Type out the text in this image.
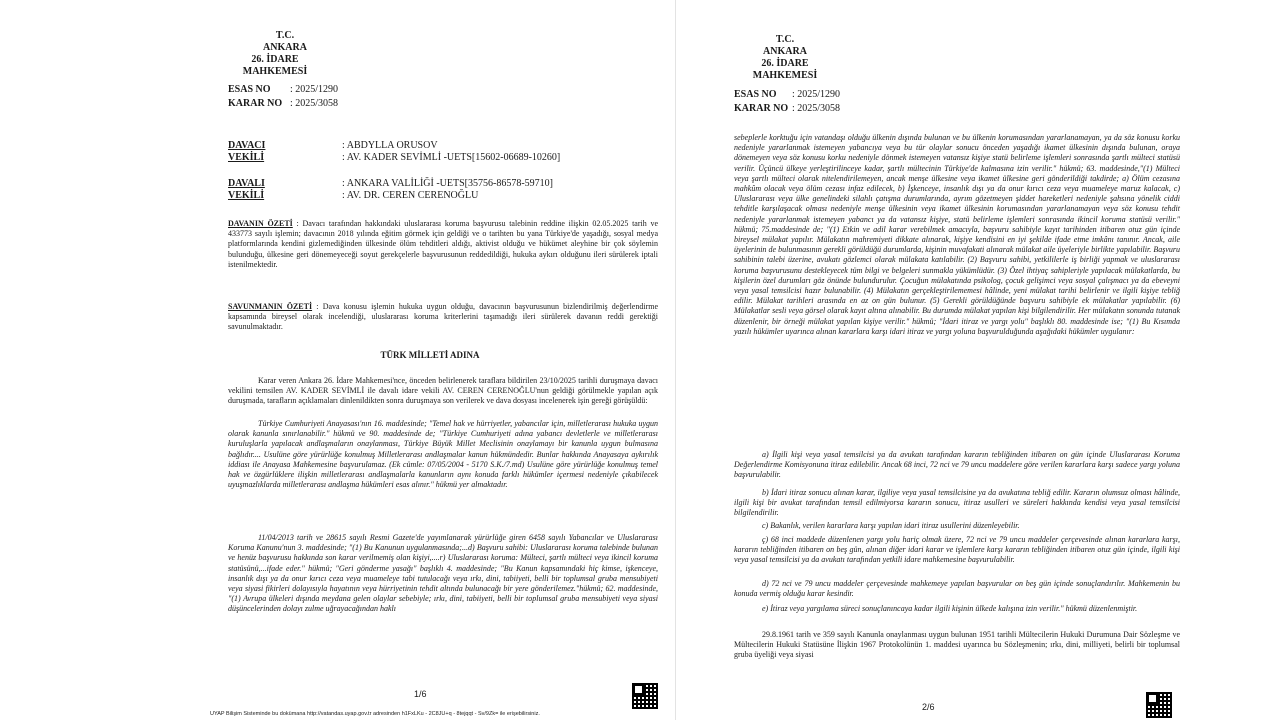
T.C.
ANKARA
26. İDARE MAHKEMESİ
ESAS NO : 2025/1290
KARAR NO : 2025/3058
DAVACI	: ABDYLLA ORUSOV
VEKİLİ	: AV. KADER SEVİMLİ -UETS[15602-06689-10260]
DAVALI	: ANKARA VALİLİĞİ -UETS[35756-86578-59710]
VEKİLİ	: AV. DR. CEREN CERENOĞLU
DAVANIN ÖZETİ : Davacı tarafından hakkındaki uluslararası koruma başvurusu talebinin reddine ilişkin 02.05.2025 tarih ve 433773 sayılı işlemin; davacının 2018 yılında eğitim görmek için geldiği ve o tarihten bu yana Türkiye'de yaşadığı, sosyal medya platformlarında kendini gizlemediğinden ülkesinde ölüm tehditleri aldığı, aktivist olduğu ve hükümet aleyhine bir çok söylemin bulunduğu, ülkesine geri dönemeyeceği soyut gerekçelerle başvurusunun reddedildiği, hukuka aykırı olduğunu ileri sürülerek iptali istenilmektedir.
SAVUNMANIN ÖZETİ : Dava konusu işlemin hukuka uygun olduğu, davacının başvurusunun bizlendirilmiş değerlendirme kapsamında bireysel olarak incelendiği, uluslararası koruma kriterlerini taşımadığı ileri sürülerek davanın reddi gerektiği savunulmaktadır.
TÜRK MİLLETİ ADINA
Karar veren Ankara 26. İdare Mahkemesi'nce, önceden belirlenerek taraflara bildirilen 23/10/2025 tarihli duruşmaya davacı vekilini temsilen AV. KADER SEVİMLİ ile davalı idare vekili AV. CEREN CERENOĞLU'nun geldiği görülmekle yapılan açık duruşmada, tarafların açıklamaları dinlenildikten sonra duruşmaya son verilerek ve dava dosyası incelenerek işin gereği görüşüldü:
Türkiye Cumhuriyeti Anayasası'nın 16. maddesinde; "Temel hak ve hürriyetler, yabancılar için, milletlerarası hukuka uygun olarak kanunla sınırlanabilir." hükmü ve 90. maddesinde de; "Türkiye Cumhuriyeti adına yabancı devletlerle ve milletlerarası kuruluşlarla yapılacak andlaşmaların onaylanması, Türkiye Büyük Millet Meclisinin onaylamayı bir kanunla uygun bulmasına bağlıdır.... Usulüne göre yürürlüğe konulmuş Milletlerarası andlaşmalar kanun hükmündedir. Bunlar hakkında Anayasaya aykırılık iddiası ile Anayasa Mahkemesine başvurulamaz. (Ek cümle: 07/05/2004 - 5170 S.K./7.md) Usulüne göre yürürlüğe konulmuş temel hak ve özgürlüklere ilişkin milletlerarası andlaşmalarla kanunların aynı konuda farklı hükümler içermesi nedeniyle çıkabilecek uyuşmazlıklarda milletlerarası andlaşma hükümleri esas alınır." hükmü yer almaktadır.
11/04/2013 tarih ve 28615 sayılı Resmi Gazete'de yayımlanarak yürürlüğe giren 6458 sayılı Yabancılar ve Uluslararası Koruma Kanunu'nun 3. maddesinde; "(1) Bu Kanunun uygulanmasında;...d) Başvuru sahibi: Uluslararası koruma talebinde bulunan ve henüz başvurusu hakkında son karar verilmemiş olan kişiyi,....r) Uluslararası koruma: Mülteci, şartlı mülteci veya ikincil koruma statüsünü,...ifade eder." hükmü; "Geri gönderme yasağı" başlıklı 4. maddesinde; "Bu Kanun kapsamındaki hiç kimse, işkenceye, insanlık dışı ya da onur kırıcı ceza veya muameleye tabi tutulacağı veya ırkı, dini, tabiiyeti, belli bir toplumsal gruba mensubiyeti veya siyasi fikirleri dolayısıyla hayatının veya hürriyetinin tehdit altında bulunacağı bir yere gönderilemez."hükmü; 62. maddesinde, "(1) Avrupa ülkeleri dışında meydana gelen olaylar sebebiyle; ırkı, dini, tabiiyeti, belli bir toplumsal gruba mensubiyeti veya siyasi düşüncelerinden dolayı zulme uğrayacağından haklı
1/6
UYAP Bilişim Sisteminde bu dokümana http://vatandas.uyap.gov.tr adresinden h1FxLKu - 2C8JU+q - 8tejqqt - Sv/9Zk= ile erişebilirsiniz.
T.C.
ANKARA
26. İDARE MAHKEMESİ
ESAS NO : 2025/1290
KARAR NO : 2025/3058
sebeplerle korktuğu için vatandaşı olduğu ülkenin dışında bulunan ve bu ülkenin korumasından yararlanamayan, ya da söz konusu korku nedeniyle yararlanmak istemeyen yabancıya veya bu tür olaylar sonucu önceden yaşadığı ikamet ülkesinin dışında bulunan, oraya dönemeyen veya söz konusu korku nedeniyle dönmek istemeyen vatansız kişiye statü belirleme işlemleri sonrasında şartlı mülteci statüsü verilir. Üçüncü ülkeye yerleştirilinceye kadar, şartlı mültecinin Türkiye'de kalmasına izin verilir." hükmü; 63. maddesinde,"(1) Mülteci veya şartlı mülteci olarak nitelendirilemeyen, ancak menşe ülkesine veya ikamet ülkesine geri gönderildiği takdirde; a) Ölüm cezasına mahkûm olacak veya ölüm cezası infaz edilecek, b) İşkenceye, insanlık dışı ya da onur kırıcı ceza veya muameleye maruz kalacak, c) Uluslararası veya ülke genelindeki silahlı çatışma durumlarında, ayrım gözetmeyen şiddet hareketleri nedeniyle şahsına yönelik ciddi tehditle karşılaşacak olması nedeniyle menşe ülkesinin veya ikamet ülkesinin korumasından yararlanamayan veya söz konusu tehdit nedeniyle yararlanmak istemeyen yabancı ya da vatansız kişiye, statü belirleme işlemleri sonrasında ikincil koruma statüsü verilir." hükmü; 75.maddesinde de; "(1) Etkin ve adil karar verebilmek amacıyla, başvuru sahibiyle kayıt tarihinden itibaren otuz gün içinde bireysel mülakat yapılır. Mülakatın mahremiyeti dikkate alınarak, kişiye kendisini en iyi şekilde ifade etme imkânı tanınır. Ancak, aile üyelerinin de bulunmasının gerekli görüldüğü durumlarda, kişinin muvafakati alınarak mülakat aile üyeleriyle birlikte yapılabilir. Başvuru sahibinin talebi üzerine, avukatı gözlemci olarak mülakata katılabilir. (2) Başvuru sahibi, yetkililerle iş birliği yapmak ve uluslararası koruma başvurusunu destekleyecek tüm bilgi ve belgeleri sunmakla yükümlüdür. (3) Özel ihtiyaç sahipleriyle yapılacak mülakatlarda, bu kişilerin özel durumları göz önünde bulundurulur. Çocuğun mülakatında psikolog, çocuk gelişimci veya sosyal çalışmacı ya da ebeveyni veya yasal temsilcisi hazır bulunabilir. (4) Mülakatın gerçekleştirilememesi hâlinde, yeni mülakat tarihi belirlenir ve ilgili kişiye tebliğ edilir. Mülakat tarihleri arasında en az on gün bulunur. (5) Gerekli görüldüğünde başvuru sahibiyle ek mülakatlar yapılabilir. (6) Mülakatlar sesli veya görsel olarak kayıt altına alınabilir. Bu durumda mülakat yapılan kişi bilgilendirilir. Her mülakatın sonunda tutanak düzenlenir, bir örneği mülakat yapılan kişiye verilir." hükmü; "İdari itiraz ve yargı yolu" başlıklı 80. maddesinde ise; "(1) Bu Kısımda yazılı hükümler uyarınca alınan kararlara karşı idari itiraz ve yargı yoluna başvurulduğunda aşağıdaki hükümler uygulanır:
a) İlgili kişi veya yasal temsilcisi ya da avukatı tarafından kararın tebliğinden itibaren on gün içinde Uluslararası Koruma Değerlendirme Komisyonuna itiraz edilebilir. Ancak 68 inci, 72 nci ve 79 uncu maddelere göre verilen kararlara karşı sadece yargı yoluna başvurulabilir.
b) İdari itiraz sonucu alınan karar, ilgiliye veya yasal temsilcisine ya da avukatına tebliğ edilir. Kararın olumsuz olması hâlinde, ilgili kişi bir avukat tarafından temsil edilmiyorsa kararın sonucu, itiraz usulleri ve süreleri hakkında kendisi veya yasal temsilcisi bilgilendirilir.
c) Bakanlık, verilen kararlara karşı yapılan idari itiraz usullerini düzenleyebilir.
ç) 68 inci maddede düzenlenen yargı yolu hariç olmak üzere, 72 nci ve 79 uncu maddeler çerçevesinde alınan kararlara karşı, kararın tebliğinden itibaren on beş gün, alınan diğer idari karar ve işlemlere karşı kararın tebliğinden itibaren otuz gün içinde, ilgili kişi veya yasal temsilcisi ya da avukatı tarafından yetkili idare mahkemesine başvurulabilir.
d) 72 nci ve 79 uncu maddeler çerçevesinde mahkemeye yapılan başvurular on beş gün içinde sonuçlandırılır. Mahkemenin bu konuda vermiş olduğu karar kesindir.
e) İtiraz veya yargılama süreci sonuçlanıncaya kadar ilgili kişinin ülkede kalışına izin verilir." hükmü düzenlenmiştir.
29.8.1961 tarih ve 359 sayılı Kanunla onaylanması uygun bulunan 1951 tarihli Mültecilerin Hukuki Durumuna Dair Sözleşme ve Mültecilerin Hukuki Statüsüne İlişkin 1967 Protokolünün 1. maddesi uyarınca bu Sözleşmenin; ırkı, dini, milliyeti, belirli bir toplumsal gruba üyeliği veya siyasi
2/6
